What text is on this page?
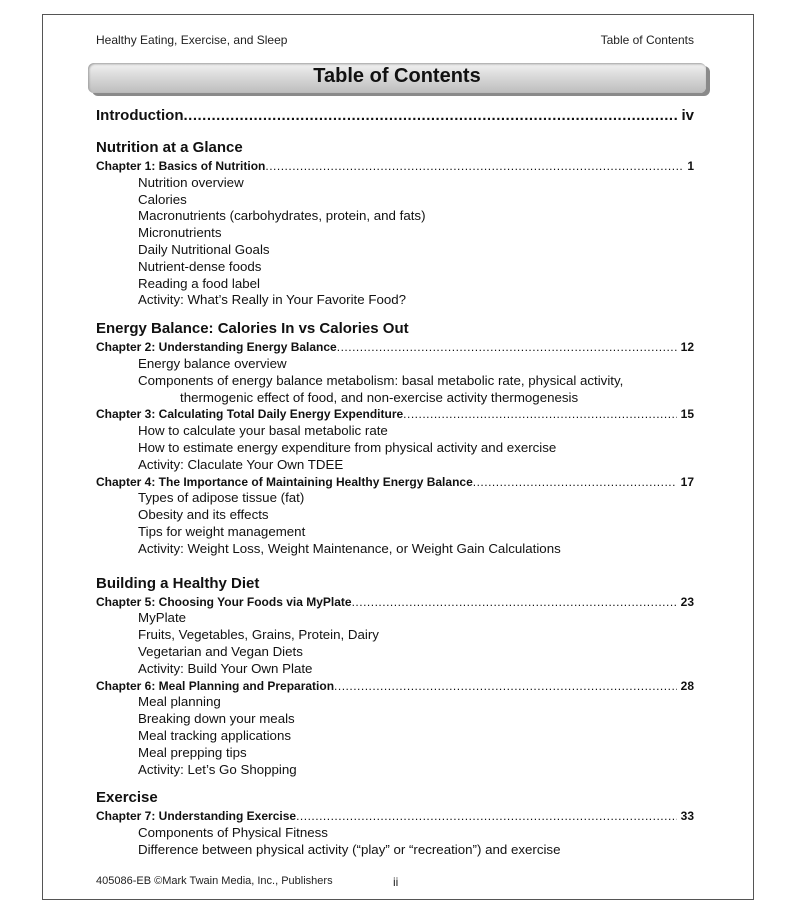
Healthy Eating, Exercise, and Sleep	Table of Contents
Table of Contents
Introduction .....	iv
Nutrition at a Glance
Chapter 1: Basics of Nutrition .....	1
Nutrition overview
Calories
Macronutrients (carbohydrates, protein, and fats)
Micronutrients
Daily Nutritional Goals
Nutrient-dense foods
Reading a food label
Activity: What’s Really in Your Favorite Food?
Energy Balance: Calories In vs Calories Out
Chapter 2: Understanding Energy Balance .....	12
Energy balance overview
Components of energy balance metabolism: basal metabolic rate, physical activity,
thermogenic effect of food, and non-exercise activity thermogenesis
Chapter 3: Calculating Total Daily Energy Expenditure .....	15
How to calculate your basal metabolic rate
How to estimate energy expenditure from physical activity and exercise
Activity: Claculate Your Own TDEE
Chapter 4: The Importance of Maintaining Healthy Energy Balance .....	17
Types of adipose tissue (fat)
Obesity and its effects
Tips for weight management
Activity: Weight Loss, Weight Maintenance, or Weight Gain Calculations
Building a Healthy Diet
Chapter 5: Choosing Your Foods via MyPlate .....	23
MyPlate
Fruits, Vegetables, Grains, Protein, Dairy
Vegetarian and Vegan Diets
Activity: Build Your Own Plate
Chapter 6: Meal Planning and Preparation .....	28
Meal planning
Breaking down your meals
Meal tracking applications
Meal prepping tips
Activity: Let’s Go Shopping
Exercise
Chapter 7: Understanding Exercise .....	33
Components of Physical Fitness
Difference between physical activity (“play” or “recreation”) and exercise
405086-EB ©Mark Twain Media, Inc., Publishers	ii
